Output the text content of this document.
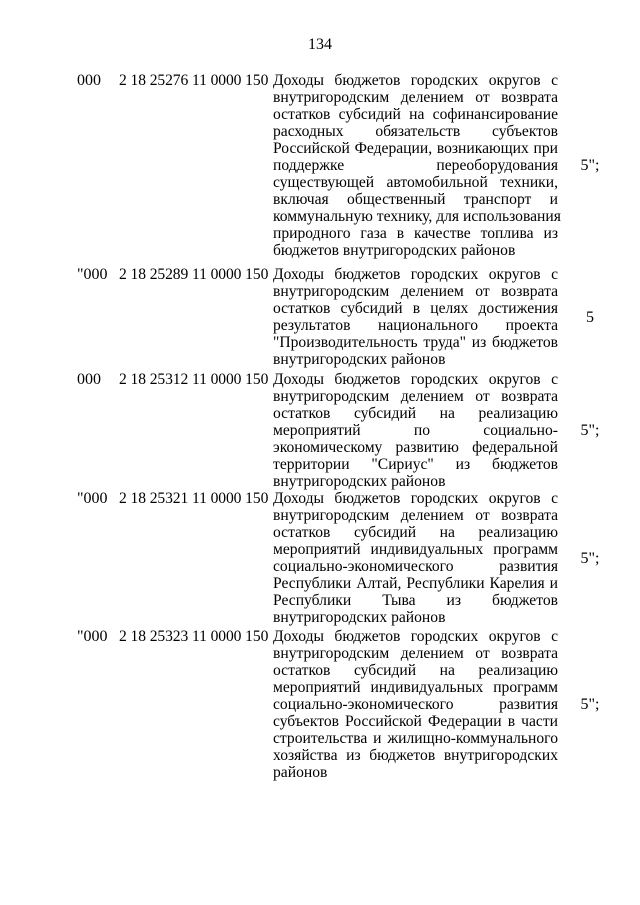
134
000 2 18 25276 11 0000 150 Доходы бюджетов городских округов с
внутригородским делением от возврата
остатков субсидий на софинансирование
расходных обязательств субъектов
Российской Федерации, возникающих при
поддержке переоборудования
существующей автомобильной техники,
включая общественный транспорт и
коммунальную технику, для использования
природного газа в качестве топлива из
бюджетов внутригородских районов
5";
"000 2 18 25289 11 0000 150 Доходы бюджетов городских округов с
внутригородским делением от возврата
остатков субсидий в целях достижения
результатов национального проекта
"Производительность труда" из бюджетов
внутригородских районов
5
000 2 18 25312 11 0000 150 Доходы бюджетов городских округов с
внутригородским делением от возврата
остатков субсидий на реализацию
мероприятий по социально-
экономическому развитию федеральной
территории "Сириус" из бюджетов
внутригородских районов
5";
"000 2 18 25321 11 0000 150 Доходы бюджетов городских округов с
внутригородским делением от возврата
остатков субсидий на реализацию
мероприятий индивидуальных программ
социально-экономического развития
Республики Алтай, Республики Карелия и
Республики Тыва из бюджетов
внутригородских районов
5";
"000 2 18 25323 11 0000 150 Доходы бюджетов городских округов с
внутригородским делением от возврата
остатков субсидий на реализацию
мероприятий индивидуальных программ
социально-экономического развития
субъектов Российской Федерации в части
строительства и жилищно-коммунального
хозяйства из бюджетов внутригородских
районов
5";
